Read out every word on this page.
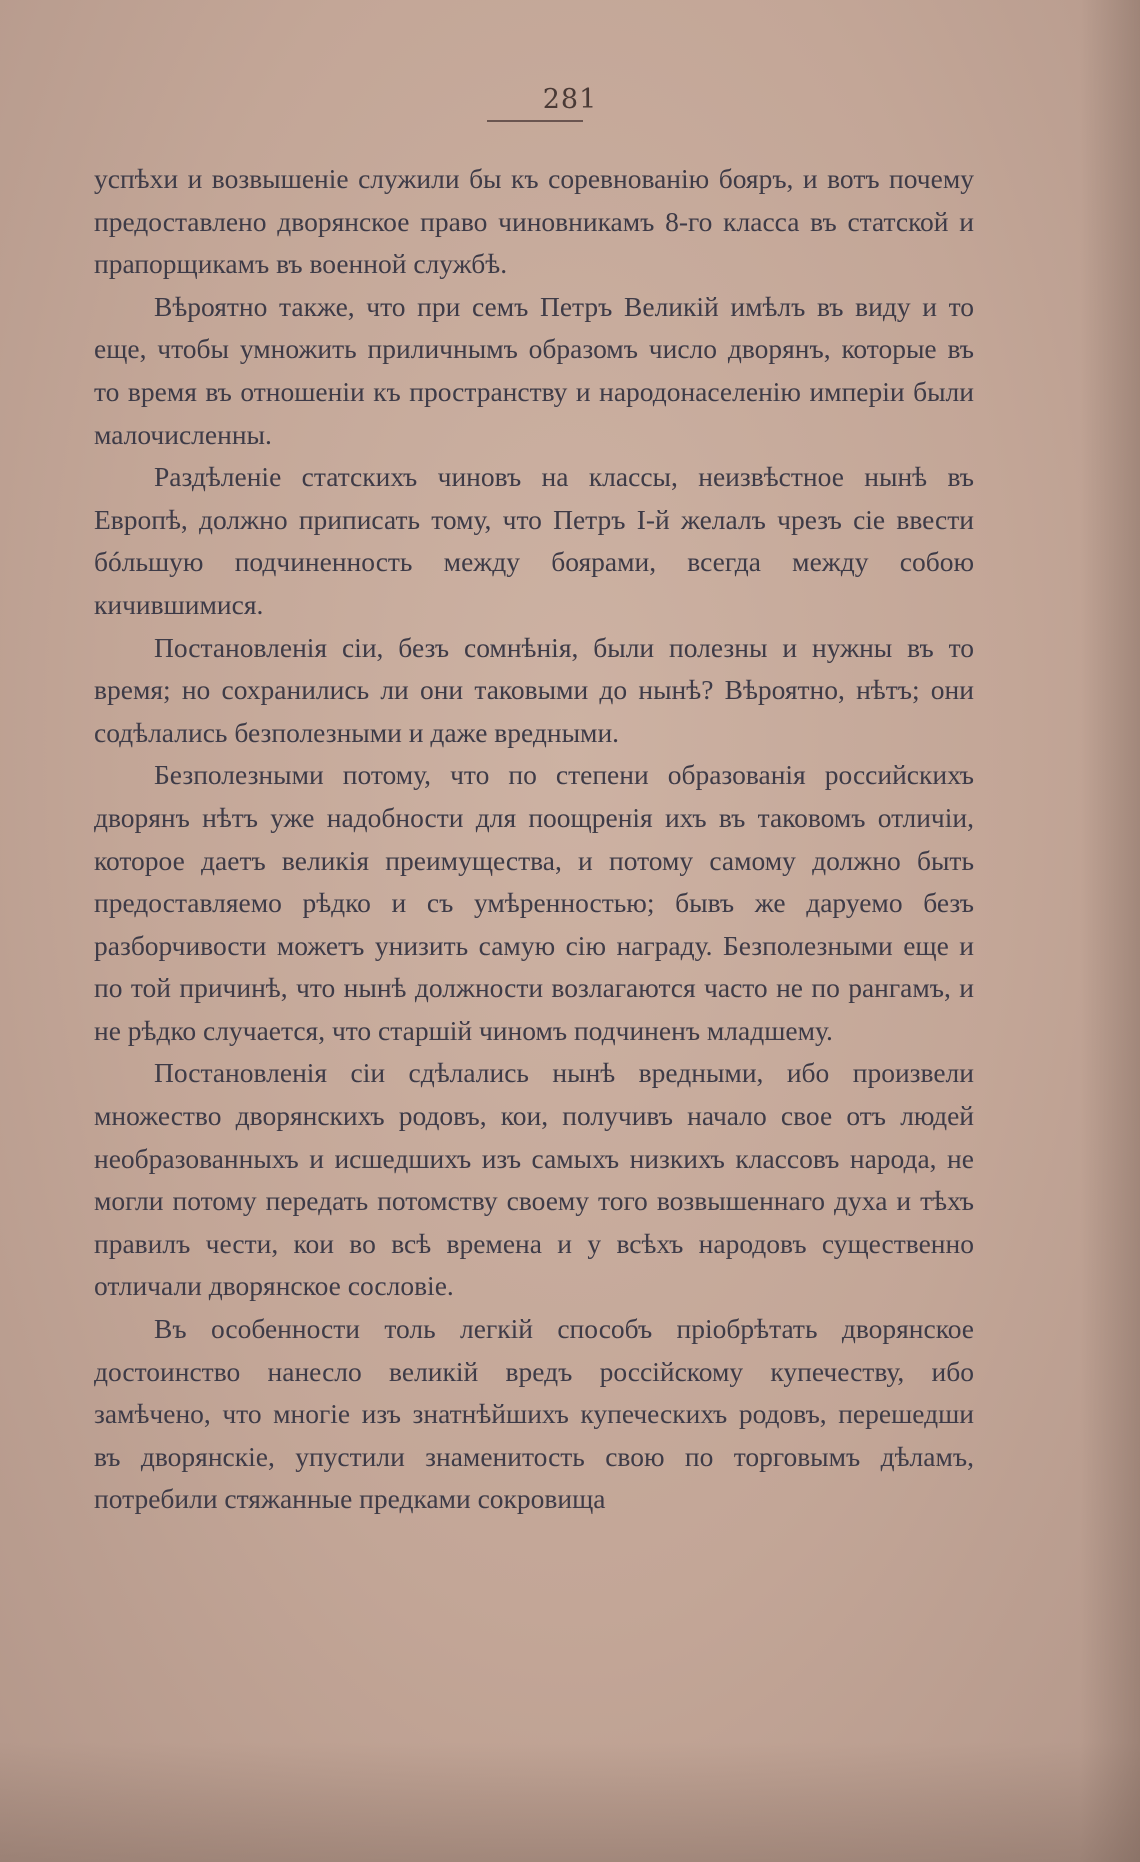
281

успѣхи и возвышеніе служили бы къ соревнованію бояръ, и вотъ почему предоставлено дворянское право чиновникамъ 8-го класса въ статской и прапорщикамъ въ военной службѣ.

Вѣроятно также, что при семъ Петръ Великій имѣлъ въ виду и то еще, чтобы умножить приличнымъ образомъ число дворянъ, которые въ то время въ отношеніи къ пространству и народонаселенію имперіи были малочисленны.

Раздѣленіе статскихъ чиновъ на классы, неизвѣстное нынѣ въ Европѣ, должно приписать тому, что Петръ I-й желалъ чрезъ сіе ввести бóльшую подчиненность между боярами, всегда между собою кичившимися.

Постановленія сіи, безъ сомнѣнія, были полезны и нужны въ то время; но сохранились ли они таковыми до нынѣ? Вѣроятно, нѣтъ; они содѣлались безполезными и даже вредными.

Безполезными потому, что по степени образованія российскихъ дворянъ нѣтъ уже надобности для поощренія ихъ въ таковомъ отличіи, которое даетъ великія преимущества, и потому самому должно быть предоставляемо рѣдко и съ умѣренностью; бывъ же даруемо безъ разборчивости можетъ унизить самую сію награду. Безполезными еще и по той причинѣ, что нынѣ должности возлагаются часто не по рангамъ, и не рѣдко случается, что старшій чиномъ подчиненъ младшему.

Постановленія сіи сдѣлались нынѣ вредными, ибо произвели множество дворянскихъ родовъ, кои, получивъ начало свое отъ людей необразованныхъ и исшедшихъ изъ самыхъ низкихъ классовъ народа, не могли потому передать потомству своему того возвышеннаго духа и тѣхъ правилъ чести, кои во всѣ времена и у всѣхъ народовъ существенно отличали дворянское сословіе.

Въ особенности толь легкій способъ пріобрѣтать дворянское достоинство нанесло великій вредъ россійскому купечеству, ибо замѣчено, что многіе изъ знатнѣйшихъ купеческихъ родовъ, перешедши въ дворянскіе, упустили знаменитость свою по торговымъ дѣламъ, потребили стяжанные предками сокровища
